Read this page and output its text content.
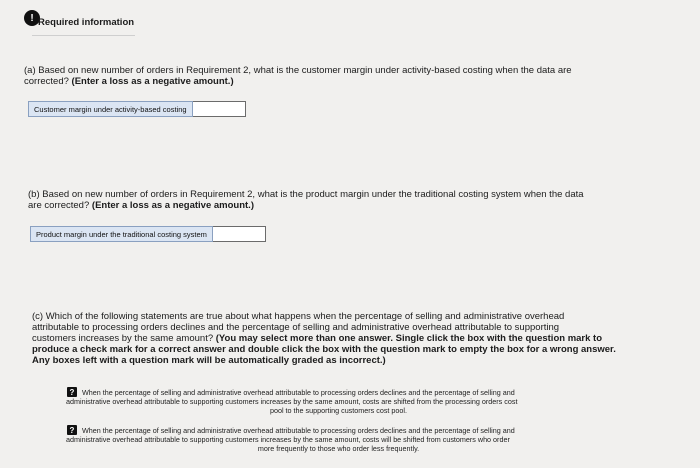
! Required information
(a) Based on new number of orders in Requirement 2, what is the customer margin under activity-based costing when the data are
corrected? (Enter a loss as a negative amount.)
Customer margin under activity-based costing
(b) Based on new number of orders in Requirement 2, what is the product margin under the traditional costing system when the data
are corrected? (Enter a loss as a negative amount.)
Product margin under the traditional costing system
(c) Which of the following statements are true about what happens when the percentage of selling and administrative overhead
attributable to processing orders declines and the percentage of selling and administrative overhead attributable to supporting
customers increases by the same amount? (You may select more than one answer. Single click the box with the question mark to
produce a check mark for a correct answer and double click the box with the question mark to empty the box for a wrong answer.
Any boxes left with a question mark will be automatically graded as incorrect.)
?	When the percentage of selling and administrative overhead attributable to processing orders declines and the percentage of selling and
administrative overhead attributable to supporting customers increases by the same amount, costs are shifted from the processing orders cost

pool to the supporting customers cost pool.
?	When the percentage of selling and administrative overhead attributable to processing orders declines and the percentage of selling and
administrative overhead attributable to supporting customers increases by the same amount, costs will be shifted from customers who order

more frequently to those who order less frequently.
